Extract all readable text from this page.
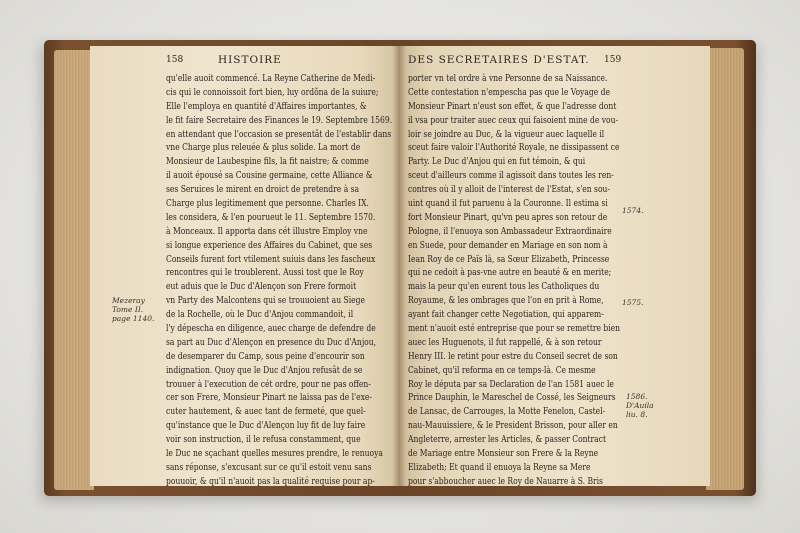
158	HISTOIRE
qu'elle auoit commencé. La Reyne Catherine de Medi-
cis qui le connoissoit fort bien, luy ordõna de la suiure;
Elle l'employa en quantité d'Affaires importantes, &
le fit faire Secretaire des Finances le 19. Septembre 1569.
en attendant que l'occasion se presentât de l'establir dans
vne Charge plus releuée & plus solide. La mort de
Monsieur de Laubespine fils, la fit naistre; & comme
il auoit épousé sa Cousine germaine, cette Alliance &
ses Seruices le mirent en droict de pretendre à sa
Charge plus legitimement que personne. Charles IX.
les considera, & l'en pourueut le 11. Septembre 1570.
à Monceaux. Il apporta dans cét illustre Employ vne
si longue experience des Affaires du Cabinet, que ses
Conseils furent fort vtilement suiuis dans les fascheux
rencontres qui le troublerent. Aussi tost que le Roy
eut aduis que le Duc d'Alençon son Frere formoit
vn Party des Malcontens qui se trouuoient au Siege
de la Rochelle, où le Duc d'Anjou commandoit, il
l'y dépescha en diligence, auec charge de defendre de
sa part au Duc d'Alençon en presence du Duc d'Anjou,
de desemparer du Camp, sous peine d'encourir son
indignation. Quoy que le Duc d'Anjou refusât de se
trouuer à l'execution de cét ordre, pour ne pas offen-
cer son Frere, Monsieur Pinart ne laissa pas de l'exe-
cuter hautement, & auec tant de fermeté, que quel-
qu'instance que le Duc d'Alençon luy fit de luy faire
voir son instruction, il le refusa constamment, que
le Duc ne sçachant quelles mesures prendre, le renuoya
sans réponse, s'excusant sur ce qu'il estoit venu sans
pouuoir, & qu'il n'auoit pas la qualité requise pour ap-
DES SECRETAIRES D'ESTAT. 159
porter vn tel ordre à vne Personne de sa Naissance.
Cette contestation n'empescha pas que le Voyage de
Monsieur Pinart n'eust son effet, & que l'adresse dont
il vsa pour traiter auec ceux qui faisoient mine de vou-
loir se joindre au Duc, & la vigueur auec laquelle il
sceut faire valoir l'Authorité Royale, ne dissipassent ce
Party. Le Duc d'Anjou qui en fut témoin, & qui
sceut d'ailleurs comme il agissoit dans toutes les ren-
contres où il y alloit de l'interest de l'Estat, s'en sou-
uint quand il fut paruenu à la Couronne. Il estima si
fort Monsieur Pinart, qu'vn peu apres son retour de
Pologne, il l'enuoya son Ambassadeur Extraordinaire
en Suede, pour demander en Mariage en son nom à
Iean Roy de ce Païs là, sa Sœur Elizabeth, Princesse
qui ne cedoit à pas-vne autre en beauté & en merite;
mais la peur qu'en eurent tous les Catholiques du
Royaume, & les ombrages que l'on en prit à Rome,
ayant fait changer cette Negotiation, qui apparem-
ment n'auoit esté entreprise que pour se remettre bien
auec les Huguenots, il fut rappellé, & à son retour
Henry III. le retint pour estre du Conseil secret de son
Cabinet, qu'il reforma en ce temps-là. Ce mesme
Roy le députa par sa Declaration de l'an 1581 auec le
Prince Dauphin, le Mareschel de Cossé, les Seigneurs
de Lansac, de Carrouges, la Motte Fenelon, Castel-
nau-Mauuissiere, & le President Brisson, pour aller en
Angleterre, arrester les Articles, & passer Contract
de Mariage entre Monsieur son Frere & la Reyne
Elizabeth; Et quand il enuoya la Reyne sa Mere
pour s'abboucher auec le Roy de Nauarre à S. Bris
Mezeray
Tome II.
page 1140.
1574.
1575.
1586.
D'Auila
liu. 8.
